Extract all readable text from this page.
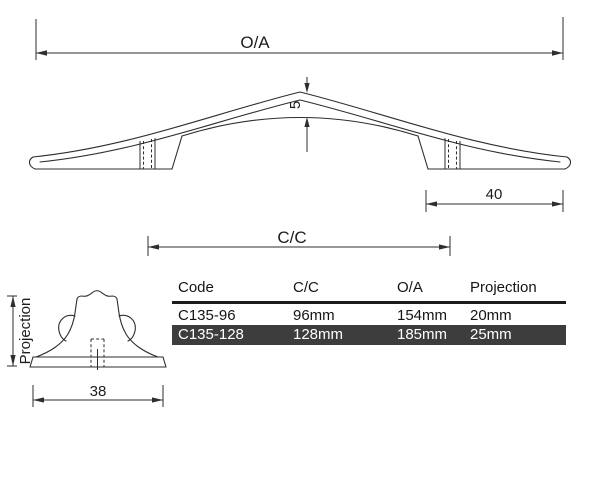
O/A
5
40
C/C
Projection
38
Code	C/C	O/A	Projection
C135-96	96mm	154mm	20mm
C135-128	128mm	185mm	25mm
